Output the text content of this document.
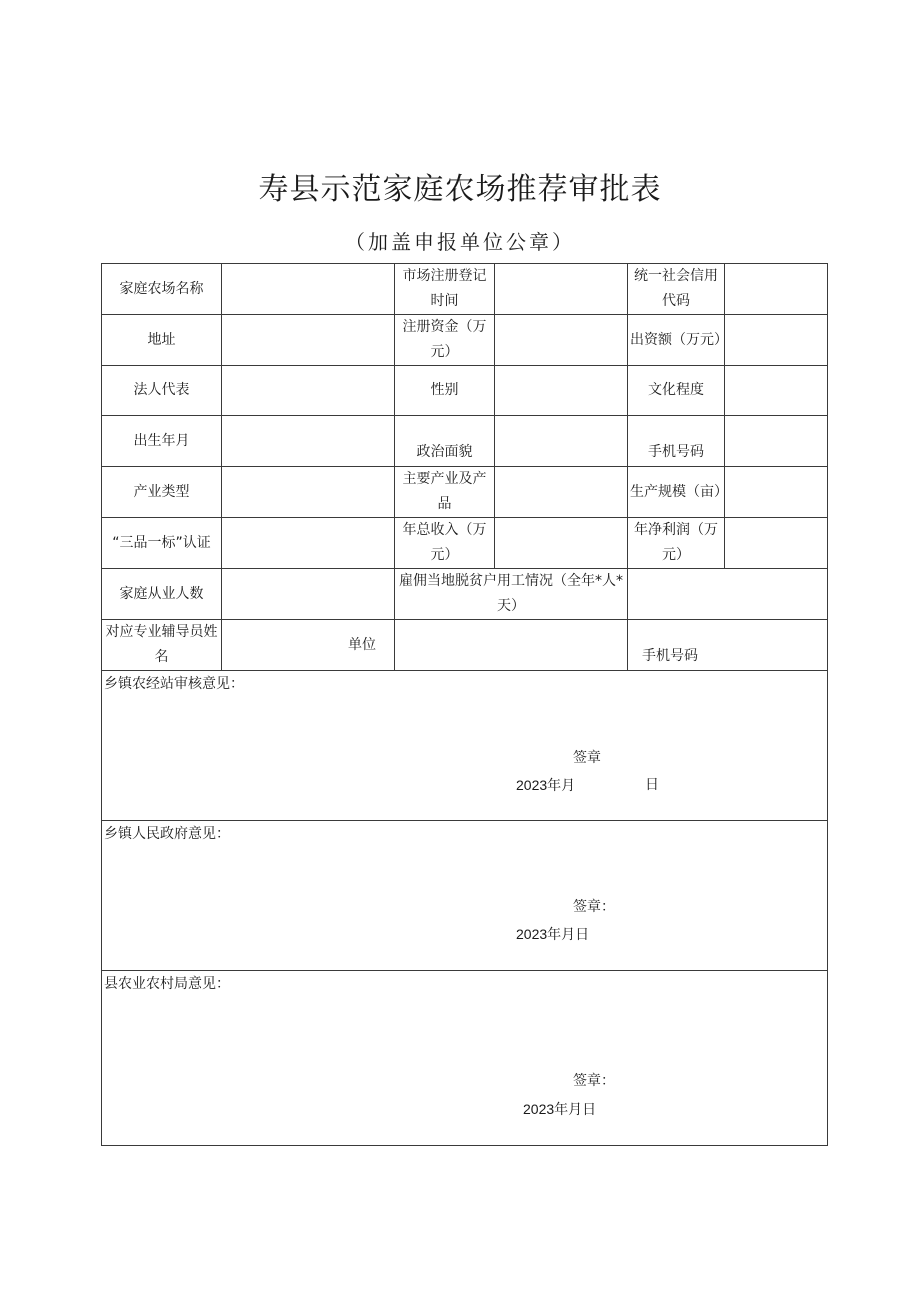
寿县示范家庭农场推荐审批表
（加盖申报单位公章）
家庭农场名称		市场注册登记时间		统一社会信用代码	
地址		注册资金（万元）		出资额（万元）	
法人代表		性别		文化程度	
出生年月		政治面貌		手机号码	
产业类型		主要产业及产品		生产规模（亩）	
“三品一标”认证		年总收入（万元）		年净利润（万元）	
家庭从业人数		雇佣当地脱贫户用工情况（全年*人*天）			
对应专业辅导员姓名	单位			手机号码	

乡镇农经站审核意见：
签章
2023年月 日					

乡镇人民政府意见：
签章：
2023年月日					

县农业农村局意见：
签章：
2023年月日					
